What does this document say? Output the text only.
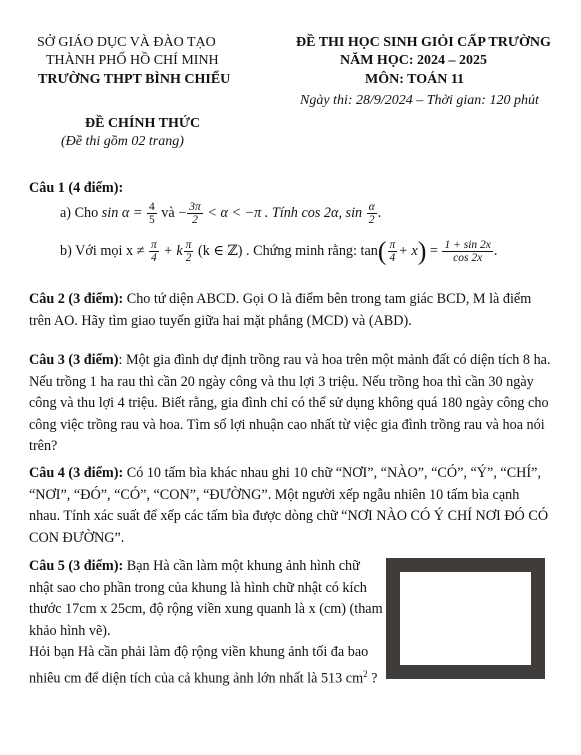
SỞ GIÁO DỤC VÀ ĐÀO TẠO
THÀNH PHỐ HỒ CHÍ MINH
TRƯỜNG THPT BÌNH CHIỂU
ĐỀ THI HỌC SINH GIỎI CẤP TRƯỜNG
NĂM HỌC: 2024 – 2025
MÔN: TOÁN 11
Ngày thi: 28/9/2024 – Thời gian: 120 phút
ĐỀ CHÍNH THỨC
(Đề thi gồm 02 trang)
Câu 1 (4 điểm):
a) Cho $\sin \alpha = \frac{4}{5}$ và − $\frac{3\pi}{2} < \alpha < -\pi$ . Tính cos 2α, $\sin \frac{\alpha}{2}$ .
b) Với mọi $x \ne \frac{\pi}{4} + k \frac{\pi}{2} (k$ ∈ ℤ) . Chứng minh rằng: $\tan( \frac{\pi}{4} + x) = \frac{1 + \sin 2x}{\cos 2x}$ .
Câu 2 (3 điểm): Cho tứ diện ABCD. Gọi O là điểm bên trong tam giác BCD, M là điểm
trên AO. Hãy tìm giao tuyến giữa hai mặt phẳng (MCD) và (ABD).
Câu 3 (3 điểm): Một gia đình dự định trồng rau và hoa trên một mảnh đất có diện tích 8 ha.
Nếu trồng 1 ha rau thì cần 20 ngày công và thu lợi 3 triệu. Nếu trồng hoa thì cần 30 ngày
công và thu lợi 4 triệu. Biết rằng, gia đình chỉ có thể sử dụng không quá 180 ngày công cho
công việc trồng rau và hoa. Tìm số lợi nhuận cao nhất từ việc gia đình trồng rau và hoa nói
trên?
Câu 4 (3 điểm): Có 10 tấm bìa khác nhau ghi 10 chữ “NƠI”, “NÀO”, “CÓ”, “Ý”, “CHÍ”,
“NƠI”, “ĐÓ”, “CÓ”, “CON”, “ĐƯỜNG”. Một người xếp ngẫu nhiên 10 tấm bìa cạnh
nhau. Tính xác suất để xếp các tấm bìa được dòng chữ “NƠI NÀO CÓ Ý CHÍ NƠI ĐÓ CÓ
CON ĐƯỜNG”.
Câu 5 (3 điểm): Bạn Hà cần làm một khung ảnh hình chữ
nhật sao cho phần trong của khung là hình chữ nhật có kích
thước 17cm x 25cm, độ rộng viền xung quanh là x (cm) (tham
khảo hình vẽ).
Hỏi bạn Hà cần phải làm độ rộng viền khung ảnh tối đa bao
nhiêu cm để diện tích của cả khung ảnh lớn nhất là 513 $cm^2$ ?
